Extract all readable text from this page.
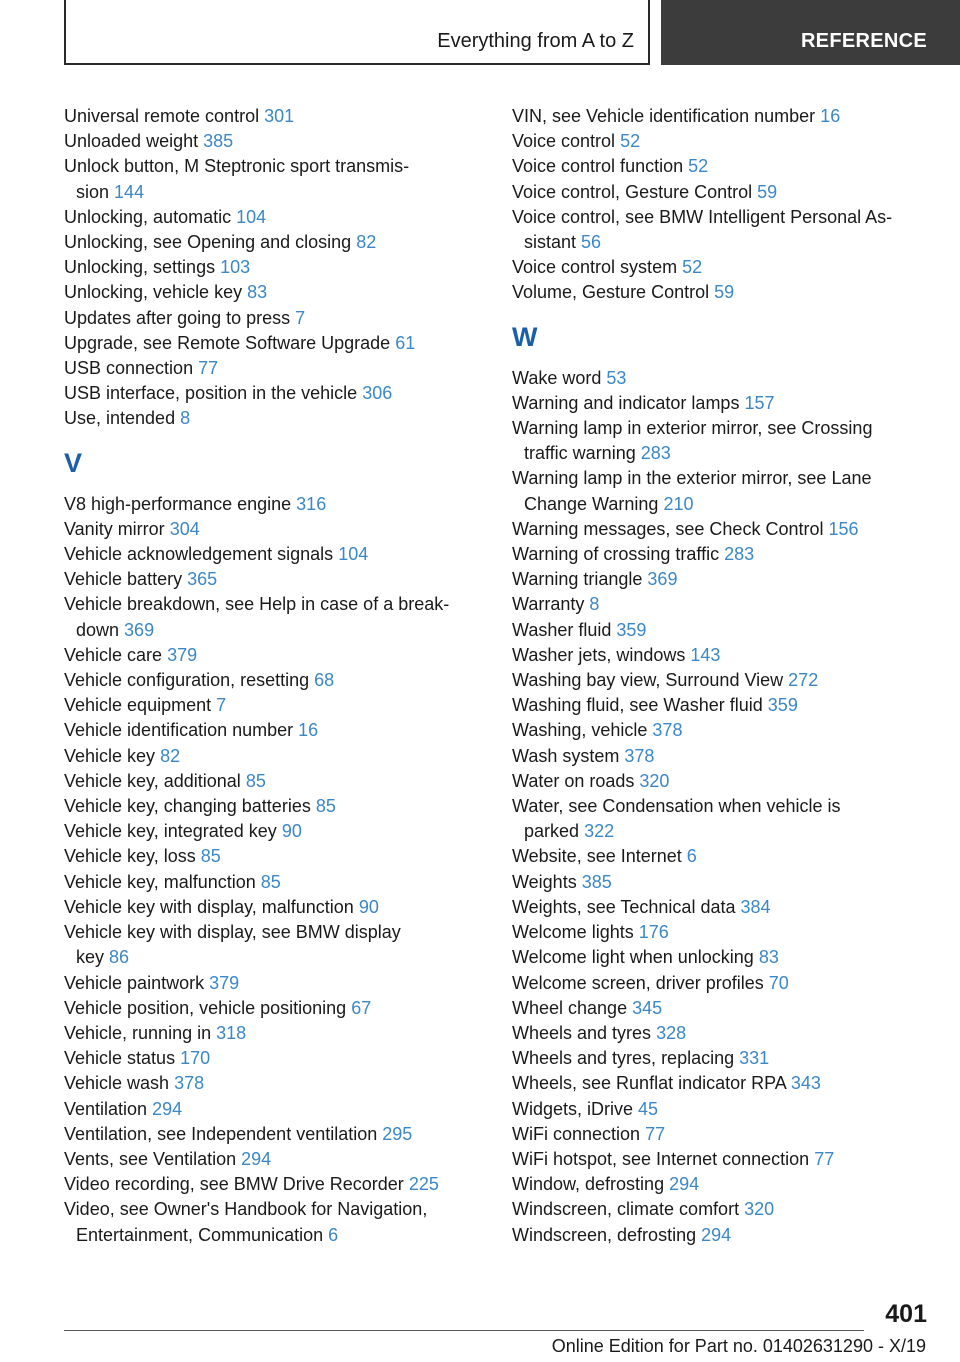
Everything from A to Z	REFERENCE
Universal remote control 301
Unloaded weight 385
Unlock button, M Steptronic sport transmis-
sion 144
Unlocking, automatic 104
Unlocking, see Opening and closing 82
Unlocking, settings 103
Unlocking, vehicle key 83
Updates after going to press 7
Upgrade, see Remote Software Upgrade 61
USB connection 77
USB interface, position in the vehicle 306
Use, intended 8
V
V8 high-performance engine 316
Vanity mirror 304
Vehicle acknowledgement signals 104
Vehicle battery 365
Vehicle breakdown, see Help in case of a break-
down 369
Vehicle care 379
Vehicle configuration, resetting 68
Vehicle equipment 7
Vehicle identification number 16
Vehicle key 82
Vehicle key, additional 85
Vehicle key, changing batteries 85
Vehicle key, integrated key 90
Vehicle key, loss 85
Vehicle key, malfunction 85
Vehicle key with display, malfunction 90
Vehicle key with display, see BMW display
key 86
Vehicle paintwork 379
Vehicle position, vehicle positioning 67
Vehicle, running in 318
Vehicle status 170
Vehicle wash 378
Ventilation 294
Ventilation, see Independent ventilation 295
Vents, see Ventilation 294
Video recording, see BMW Drive Recorder 225
Video, see Owner's Handbook for Navigation,
Entertainment, Communication 6
VIN, see Vehicle identification number 16
Voice control 52
Voice control function 52
Voice control, Gesture Control 59
Voice control, see BMW Intelligent Personal As-
sistant 56
Voice control system 52
Volume, Gesture Control 59
W
Wake word 53
Warning and indicator lamps 157
Warning lamp in exterior mirror, see Crossing
traffic warning 283
Warning lamp in the exterior mirror, see Lane
Change Warning 210
Warning messages, see Check Control 156
Warning of crossing traffic 283
Warning triangle 369
Warranty 8
Washer fluid 359
Washer jets, windows 143
Washing bay view, Surround View 272
Washing fluid, see Washer fluid 359
Washing, vehicle 378
Wash system 378
Water on roads 320
Water, see Condensation when vehicle is
parked 322
Website, see Internet 6
Weights 385
Weights, see Technical data 384
Welcome lights 176
Welcome light when unlocking 83
Welcome screen, driver profiles 70
Wheel change 345
Wheels and tyres 328
Wheels and tyres, replacing 331
Wheels, see Runflat indicator RPA 343
Widgets, iDrive 45
WiFi connection 77
WiFi hotspot, see Internet connection 77
Window, defrosting 294
Windscreen, climate comfort 320
Windscreen, defrosting 294
401
Online Edition for Part no. 01402631290 - X/19
